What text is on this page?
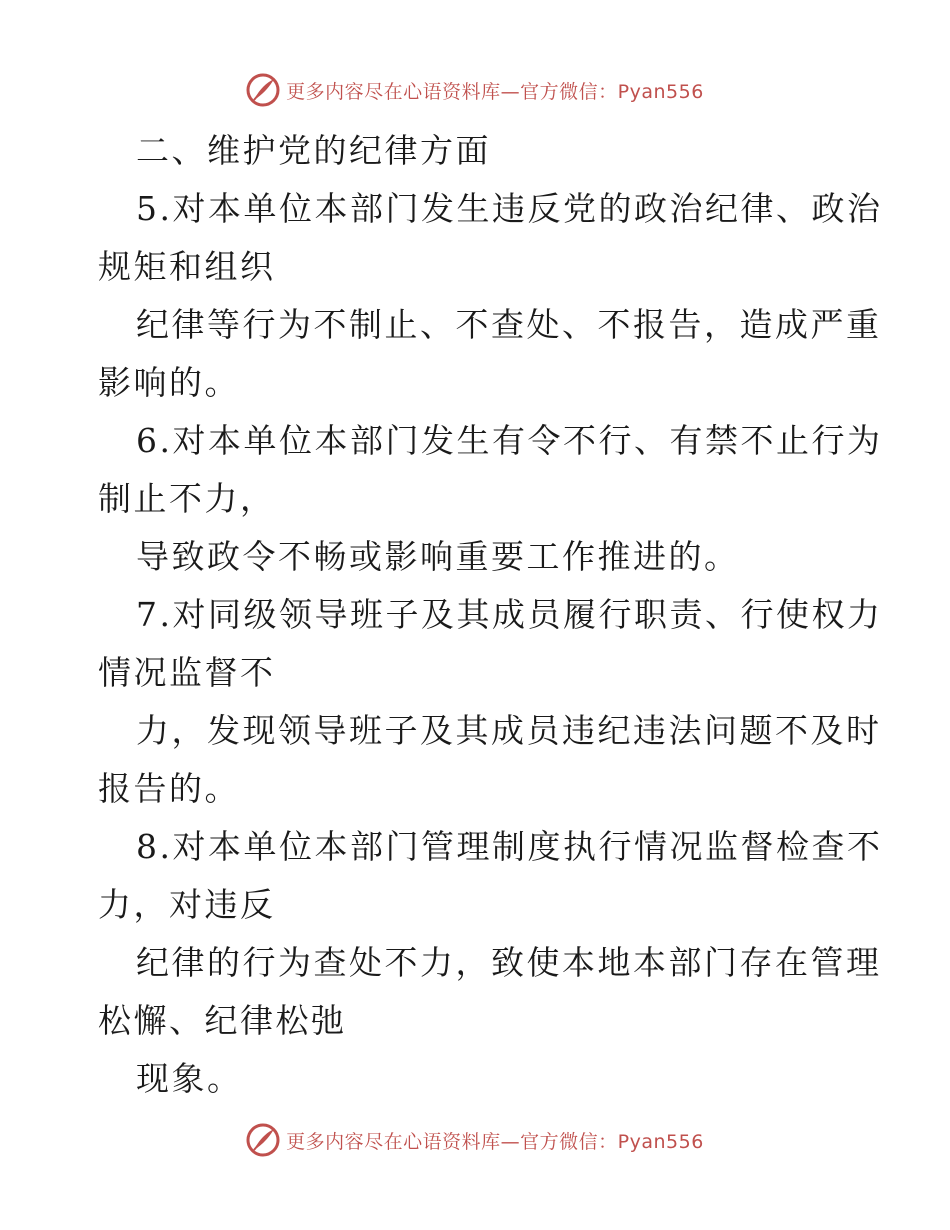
更多内容尽在心语资料库—官方微信：Pyan556
二、维护党的纪律方面
5.对本单位本部门发生违反党的政治纪律、政治
规矩和组织
纪律等行为不制止、不查处、不报告，造成严重
影响的。
6.对本单位本部门发生有令不行、有禁不止行为
制止不力，
导致政令不畅或影响重要工作推进的。
7.对同级领导班子及其成员履行职责、行使权力
情况监督不
力，发现领导班子及其成员违纪违法问题不及时
报告的。
8.对本单位本部门管理制度执行情况监督检查不
力，对违反
纪律的行为查处不力，致使本地本部门存在管理
松懈、纪律松弛
现象。
更多内容尽在心语资料库—官方微信：Pyan556
